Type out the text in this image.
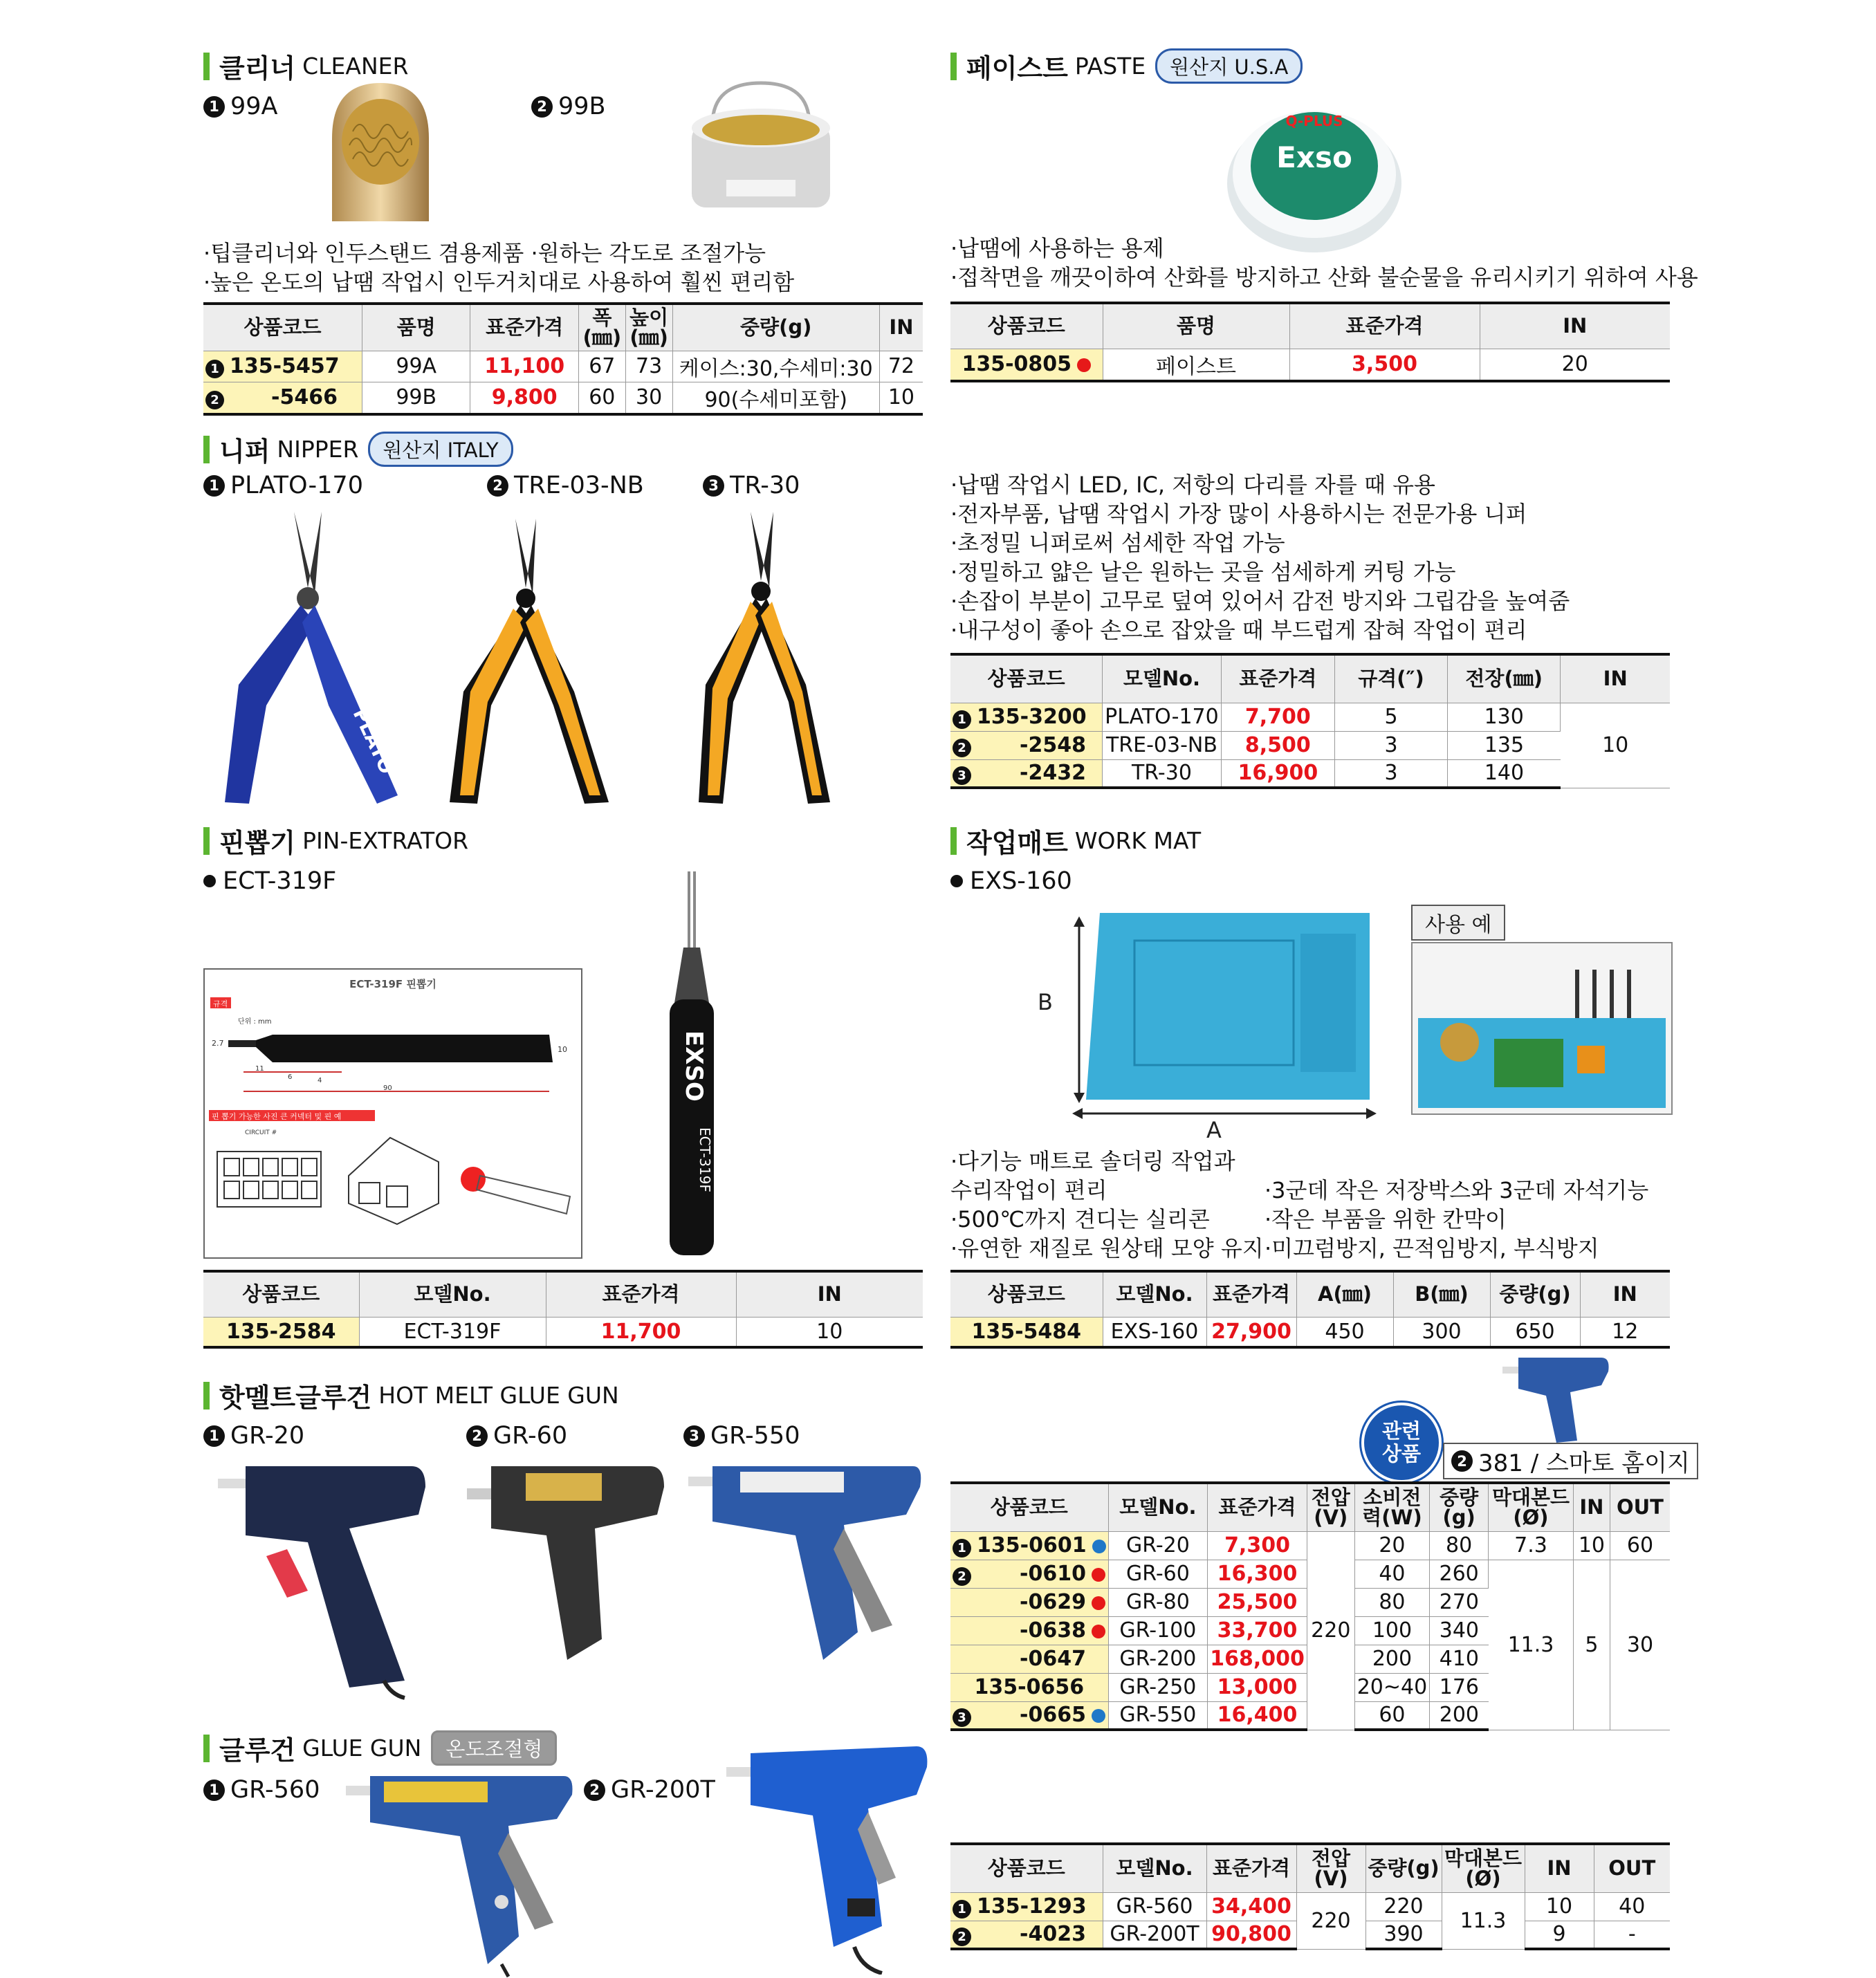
클리너 CLEANER
1 99A	2 99B
·팁클리너와 인두스탠드 겸용제품 ·원하는 각도로 조절가능
·높은 온도의 납땜 작업시 인두거치대로 사용하여 훨씬 편리함
상품코드	품명	표준가격	폭(㎜)	높이(㎜)	중량(g)	IN
1 135-5457	99A	11,100	67	73	케이스:30,수세미:30	72
2 -5466	99B	9,800	60	30	90(수세미포함)	10
페이스트 PASTE	원산지 U.S.A
Q-PLUS
Exso
·납땜에 사용하는 용제
·접착면을 깨끗이하여 산화를 방지하고 산화 불순물을 유리시키기 위하여 사용
상품코드	품명	표준가격	IN
135-0805	페이스트	3,500	20
니퍼 NIPPER	원산지 ITALY
1 PLATO-170	2 TRE-03-NB	3 TR-30
PLATO
·납땜 작업시 LED, IC, 저항의 다리를 자를 때 유용
·전자부품, 납땜 작업시 가장 많이 사용하시는 전문가용 니퍼
·초정밀 니퍼로써 섬세한 작업 가능
·정밀하고 얇은 날은 원하는 곳을 섬세하게 커팅 가능
·손잡이 부분이 고무로 덮여 있어서 감전 방지와 그립감을 높여줌
·내구성이 좋아 손으로 잡았을 때 부드럽게 잡혀 작업이 편리
상품코드	모델No.	표준가격	규격(″)	전장(㎜)	IN
1 135-3200	PLATO-170	7,700	5	130	10
2 -2548	TRE-03-NB	8,500	3	135	
3 -2432	TR-30	16,900	3	140	
핀뽑기 PIN-EXTRATOR
ECT-319F
ECT-319F 핀뽑기
규격
단위 : mm
2.7
10
11
6	4
90
핀 뽑기 가능한 사진 큰 커넥터 및 핀 예
CIRCUIT #
EXSO
ECT-319F
상품코드	모델No.	표준가격	IN
135-2584	ECT-319F	11,700	10
작업매트 WORK MAT
EXS-160
B
A
사용 예
·다기능 매트로 솔더링 작업과
수리작업이 편리
·500℃까지 견디는 실리콘
·유연한 재질로 원상태 모양 유지
·3군데 작은 저장박스와 3군데 자석기능
·작은 부품을 위한 칸막이
·미끄럼방지, 끈적임방지, 부식방지
상품코드	모델No.	표준가격	A(㎜)	B(㎜)	중량(g)	IN
135-5484	EXS-160	27,900	450	300	650	12
핫멜트글루건 HOT MELT GLUE GUN
1 GR-20	2 GR-60	3 GR-550	관련 상품	2 381 / 스마토 홈이지
상품코드	모델No.	표준가격	전압(V)	소비전력(W)	중량(g)	막대본드(Ø)	IN	OUT
1 135-0601	GR-20	7,300	220	20	80	7.3	10	60
2 -0610	GR-60	16,300		40	260	11.3	5	30
-0629	GR-80	25,500		80	270			
-0638	GR-100	33,700		100	340			
-0647	GR-200	168,000		200	410			
135-0656	GR-250	13,000		20~40	176			
3 -0665	GR-550	16,400		60	200			
글루건 GLUE GUN	온도조절형
1 GR-560	2 GR-200T
상품코드	모델No.	표준가격	전압(V)	중량(g)	막대본드(Ø)	IN	OUT
1 135-1293	GR-560	34,400	220	220	11.3	10	40
2 -4023	GR-200T	90,800		390		9	-
